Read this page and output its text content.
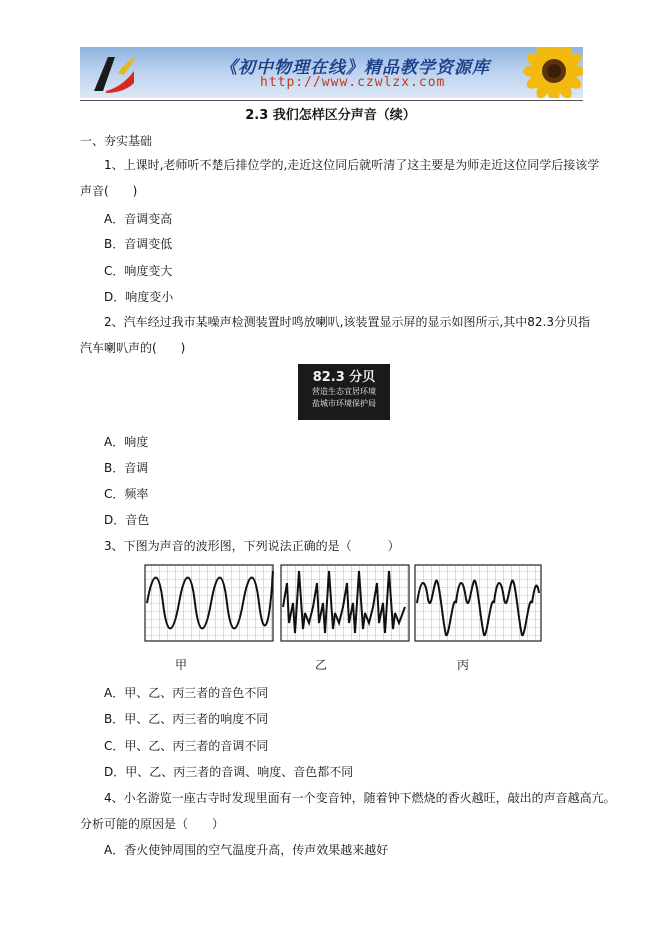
《初中物理在线》精品教学资源库
http://www.czwlzx.com
2.3 我们怎样区分声音（续）
一、夯实基础
1、上课时,老师听不楚后排位学的,走近这位同后就听清了这主要是为师走近这位同学后接该学
声音(　　)
A．音调变高
B．音调变低
C．响度变大
D．响度变小
2、汽车经过我市某噪声检测装置时鸣放喇叭,该装置显示屏的显示如图所示,其中82.3分贝指
汽车喇叭声的(　　)
82.3 分贝
营造生态宜居环境
盐城市环境保护局
A．响度
B．音调
C．频率
D．音色
3、下图为声音的波形图，下列说法正确的是（　　　）
甲	乙	丙
A．甲、乙、丙三者的音色不同
B．甲、乙、丙三者的响度不同
C．甲、乙、丙三者的音调不同
D．甲、乙、丙三者的音调、响度、音色都不同
4、小名游览一座古寺时发现里面有一个变音钟，随着钟下燃烧的香火越旺，敲出的声音越高亢。
分析可能的原因是（　　）
A．香火使钟周围的空气温度升高，传声效果越来越好
